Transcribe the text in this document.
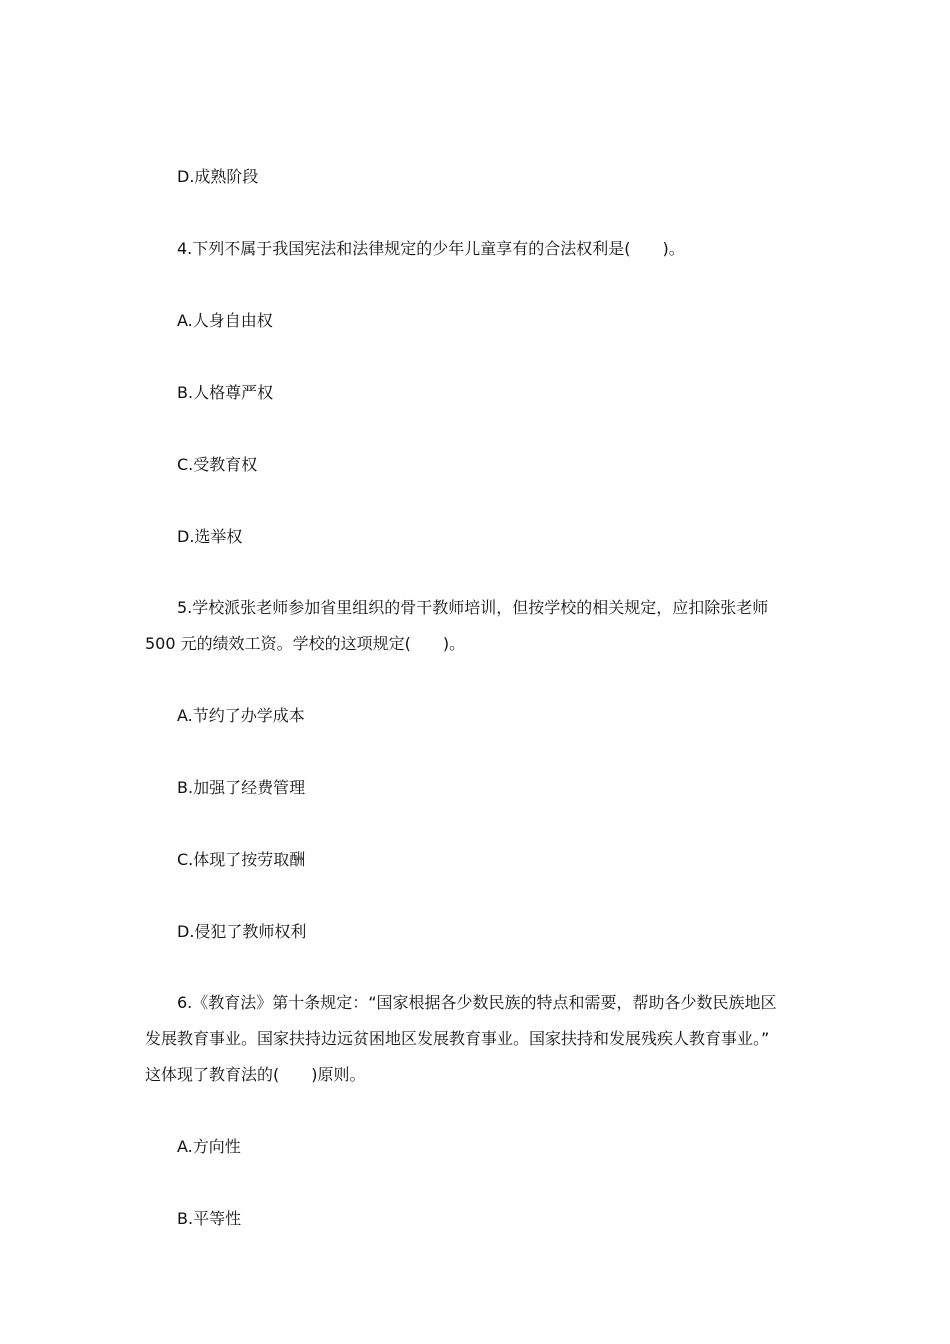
D.成熟阶段

4.下列不属于我国宪法和法律规定的少年儿童享有的合法权利是(　　)。

A.人身自由权

B.人格尊严权

C.受教育权

D.选举权

5.学校派张老师参加省里组织的骨干教师培训，但按学校的相关规定，应扣除张老师

500 元的绩效工资。学校的这项规定(　　)。

A.节约了办学成本

B.加强了经费管理

C.体现了按劳取酬

D.侵犯了教师权利

6.《教育法》第十条规定：“国家根据各少数民族的特点和需要，帮助各少数民族地区

发展教育事业。国家扶持边远贫困地区发展教育事业。国家扶持和发展残疾人教育事业。”

这体现了教育法的(　　)原则。

A.方向性

B.平等性
